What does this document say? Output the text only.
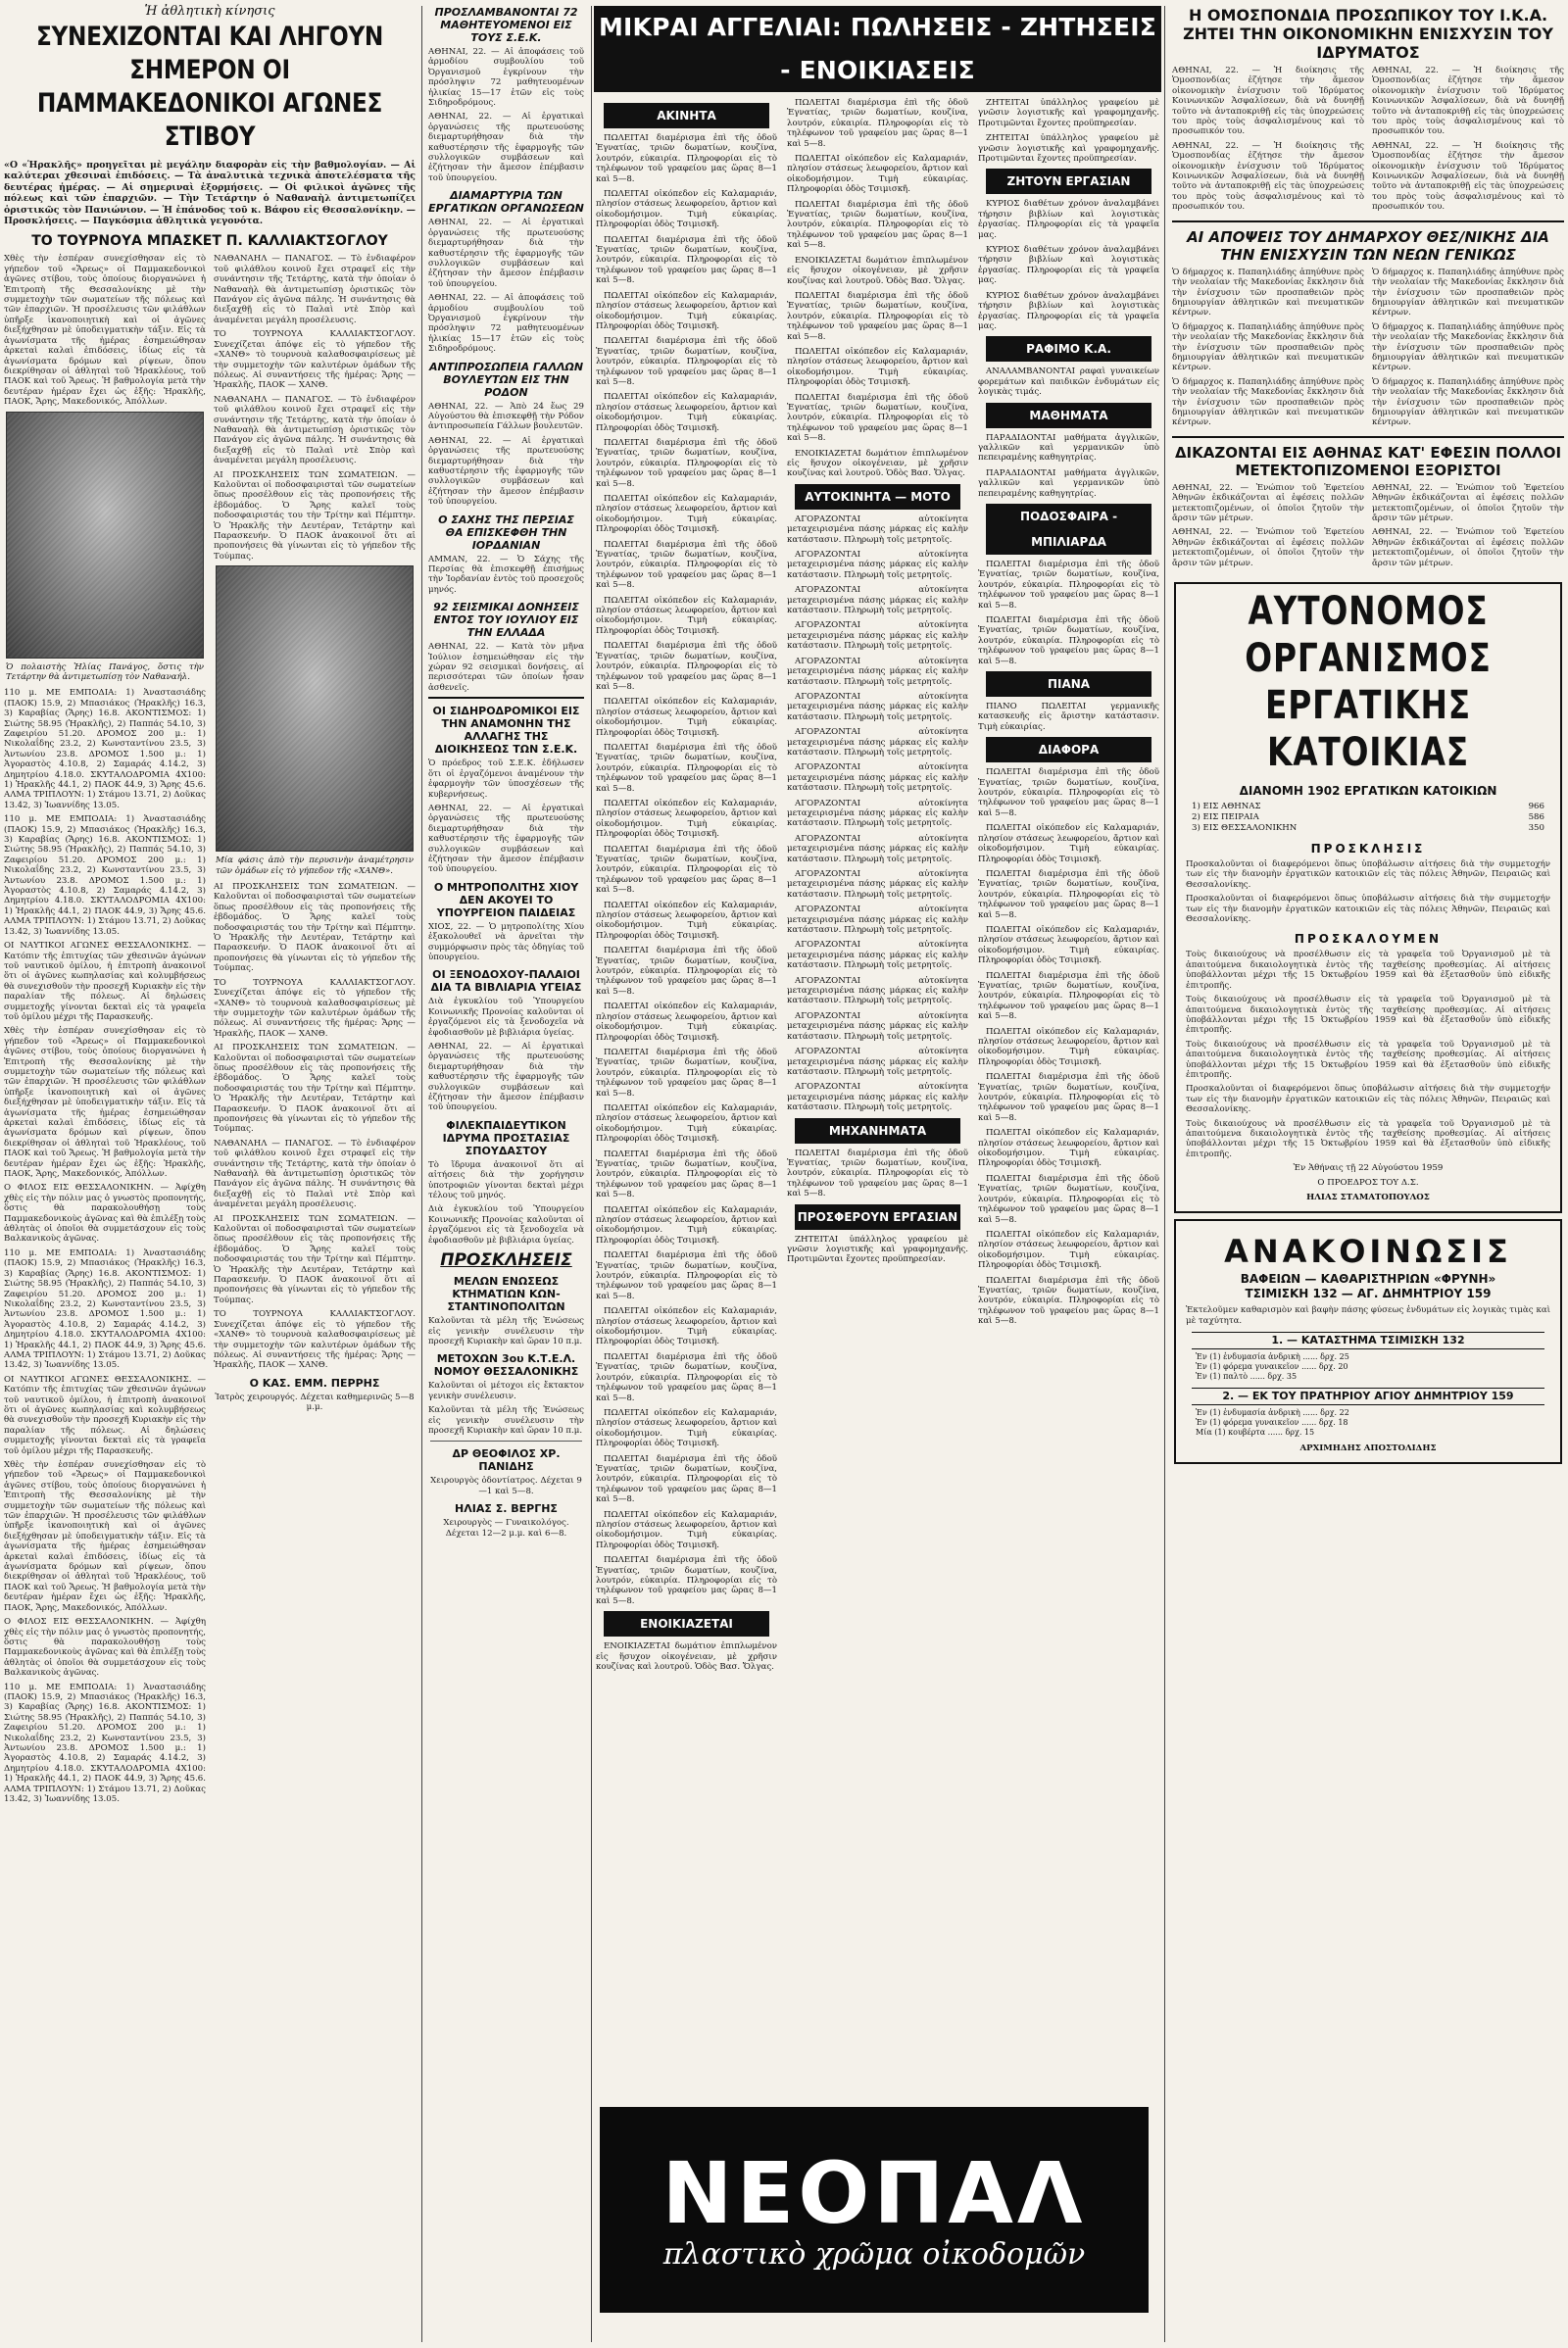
Ἡ ἀθλητικὴ κίνησις
ΣΥΝΕΧΙΖΟΝΤΑΙ ΚΑΙ ΛΗΓΟΥΝ ΣΗΜΕΡΟΝ ΟΙ ΠΑΜΜΑΚΕΔΟΝΙΚΟΙ ΑΓΩΝΕΣ ΣΤΙΒΟΥ
«Ο «Ἡρακλῆς» προηγεῖται μὲ μεγάλην διαφορὰν εἰς τὴν βαθμολογίαν. — Αἱ καλύτεραι χθεσιναὶ ἐπιδόσεις. — Τὰ ἀναλυτικὰ τεχνικὰ ἀποτελέσματα τῆς δευτέρας ἡμέρας. — Αἱ σημεριναὶ ἐξορμήσεις. — Οἱ φιλικοὶ ἀγῶνες τῆς πόλεως καὶ τῶν ἐπαρχιῶν. — Τὴν Τετάρτην ὁ Ναθαναὴλ ἀντιμετωπίζει ὁριστικῶς τὸν Πανιώνιον. — Ἡ ἐπάνοδος τοῦ κ. Βάφου εἰς Θεσσαλονίκην. — Προσκλήσεις. — Παγκόσμια ἀθλητικὰ γεγονότα.
ΤΟ ΤΟΥΡΝΟΥΑ ΜΠΑΣΚΕΤ Π. ΚΑΛΛΙΑΚΤΣΟΓΛΟΥ
Χθὲς τὴν ἑσπέραν συνεχίσθησαν εἰς τὸ γήπεδον τοῦ «Ἄρεως» οἱ Παμμακεδονικοὶ ἀγῶνες στίβου, τοὺς ὁποίους διοργανώνει ἡ Ἐπιτροπὴ τῆς Θεσσαλονίκης μὲ τὴν συμμετοχὴν τῶν σωματείων τῆς πόλεως καὶ τῶν ἐπαρχιῶν. Ἡ προσέλευσις τῶν φιλάθλων ὑπῆρξε ἱκανοποιητικὴ καὶ οἱ ἀγῶνες διεξήχθησαν μὲ ὑποδειγματικὴν τάξιν. Εἰς τὰ ἀγωνίσματα τῆς ἡμέρας ἐσημειώθησαν ἀρκεταὶ καλαὶ ἐπιδόσεις, ἰδίως εἰς τὰ ἀγωνίσματα δρόμων καὶ ρίψεων, ὅπου διεκρίθησαν οἱ ἀθληταὶ τοῦ Ἡρακλέους, τοῦ ΠΑΟΚ καὶ τοῦ Ἄρεως. Ἡ βαθμολογία μετὰ τὴν δευτέραν ἡμέραν ἔχει ὡς ἑξῆς: Ἡρακλῆς, ΠΑΟΚ, Ἄρης, Μακεδονικός, Ἀπόλλων.
Ὁ πολαιστὴς Ἠλίας Πανάγος, ὅστις τὴν Τετάρτην θὰ ἀντιμετωπίσῃ τὸν Ναθαναήλ.
110 μ. ΜΕ ΕΜΠΟΔΙΑ: 1) Ἀναστασιάδης (ΠΑΟΚ) 15.9, 2) Μπασιάκος (Ἡρακλῆς) 16.3, 3) Καραβίας (Ἄρης) 16.8. ΑΚΟΝΤΙΣΜΟΣ: 1) Σιώτης 58.95 (Ἡρακλῆς), 2) Παππάς 54.10, 3) Ζαφειρίου 51.20. ΔΡΟΜΟΣ 200 μ.: 1) Νικολαΐδης 23.2, 2) Κωνσταντίνου 23.5, 3) Ἀντωνίου 23.8. ΔΡΟΜΟΣ 1.500 μ.: 1) Ἀγοραστὸς 4.10.8, 2) Σαμαράς 4.14.2, 3) Δημητρίου 4.18.0. ΣΚΥΤΑΛΟΔΡΟΜΙΑ 4Χ100: 1) Ἡρακλῆς 44.1, 2) ΠΑΟΚ 44.9, 3) Ἄρης 45.6. ΑΛΜΑ ΤΡΙΠΛΟΥΝ: 1) Στάμου 13.71, 2) Δοῦκας 13.42, 3) Ἰωαννίδης 13.05.
110 μ. ΜΕ ΕΜΠΟΔΙΑ: 1) Ἀναστασιάδης (ΠΑΟΚ) 15.9, 2) Μπασιάκος (Ἡρακλῆς) 16.3, 3) Καραβίας (Ἄρης) 16.8. ΑΚΟΝΤΙΣΜΟΣ: 1) Σιώτης 58.95 (Ἡρακλῆς), 2) Παππάς 54.10, 3) Ζαφειρίου 51.20. ΔΡΟΜΟΣ 200 μ.: 1) Νικολαΐδης 23.2, 2) Κωνσταντίνου 23.5, 3) Ἀντωνίου 23.8. ΔΡΟΜΟΣ 1.500 μ.: 1) Ἀγοραστὸς 4.10.8, 2) Σαμαράς 4.14.2, 3) Δημητρίου 4.18.0. ΣΚΥΤΑΛΟΔΡΟΜΙΑ 4Χ100: 1) Ἡρακλῆς 44.1, 2) ΠΑΟΚ 44.9, 3) Ἄρης 45.6. ΑΛΜΑ ΤΡΙΠΛΟΥΝ: 1) Στάμου 13.71, 2) Δοῦκας 13.42, 3) Ἰωαννίδης 13.05.
ΟΙ ΝΑΥΤΙΚΟΙ ΑΓΩΝΕΣ ΘΕΣΣΑΛΟΝΙΚΗΣ. — Κατόπιν τῆς ἐπιτυχίας τῶν χθεσινῶν ἀγώνων τοῦ ναυτικοῦ ὁμίλου, ἡ ἐπιτροπὴ ἀνακοινοῖ ὅτι οἱ ἀγῶνες κωπηλασίας καὶ κολυμβήσεως θὰ συνεχισθοῦν τὴν προσεχῆ Κυριακὴν εἰς τὴν παραλίαν τῆς πόλεως. Αἱ δηλώσεις συμμετοχῆς γίνονται δεκταὶ εἰς τὰ γραφεῖα τοῦ ὁμίλου μέχρι τῆς Παρασκευῆς.
Χθὲς τὴν ἑσπέραν συνεχίσθησαν εἰς τὸ γήπεδον τοῦ «Ἄρεως» οἱ Παμμακεδονικοὶ ἀγῶνες στίβου, τοὺς ὁποίους διοργανώνει ἡ Ἐπιτροπὴ τῆς Θεσσαλονίκης μὲ τὴν συμμετοχὴν τῶν σωματείων τῆς πόλεως καὶ τῶν ἐπαρχιῶν. Ἡ προσέλευσις τῶν φιλάθλων ὑπῆρξε ἱκανοποιητικὴ καὶ οἱ ἀγῶνες διεξήχθησαν μὲ ὑποδειγματικὴν τάξιν. Εἰς τὰ ἀγωνίσματα τῆς ἡμέρας ἐσημειώθησαν ἀρκεταὶ καλαὶ ἐπιδόσεις, ἰδίως εἰς τὰ ἀγωνίσματα δρόμων καὶ ρίψεων, ὅπου διεκρίθησαν οἱ ἀθληταὶ τοῦ Ἡρακλέους, τοῦ ΠΑΟΚ καὶ τοῦ Ἄρεως. Ἡ βαθμολογία μετὰ τὴν δευτέραν ἡμέραν ἔχει ὡς ἑξῆς: Ἡρακλῆς, ΠΑΟΚ, Ἄρης, Μακεδονικός, Ἀπόλλων.
Ο ΦΙΛΟΣ ΕΙΣ ΘΕΣΣΑΛΟΝΙΚΗΝ. — Ἀφίχθη χθὲς εἰς τὴν πόλιν μας ὁ γνωστὸς προπονητής, ὅστις θὰ παρακολουθήσῃ τοὺς Παμμακεδονικοὺς ἀγῶνας καὶ θὰ ἐπιλέξῃ τοὺς ἀθλητὰς οἱ ὁποῖοι θὰ συμμετάσχουν εἰς τοὺς Βαλκανικοὺς ἀγῶνας.
110 μ. ΜΕ ΕΜΠΟΔΙΑ: 1) Ἀναστασιάδης (ΠΑΟΚ) 15.9, 2) Μπασιάκος (Ἡρακλῆς) 16.3, 3) Καραβίας (Ἄρης) 16.8. ΑΚΟΝΤΙΣΜΟΣ: 1) Σιώτης 58.95 (Ἡρακλῆς), 2) Παππάς 54.10, 3) Ζαφειρίου 51.20. ΔΡΟΜΟΣ 200 μ.: 1) Νικολαΐδης 23.2, 2) Κωνσταντίνου 23.5, 3) Ἀντωνίου 23.8. ΔΡΟΜΟΣ 1.500 μ.: 1) Ἀγοραστὸς 4.10.8, 2) Σαμαράς 4.14.2, 3) Δημητρίου 4.18.0. ΣΚΥΤΑΛΟΔΡΟΜΙΑ 4Χ100: 1) Ἡρακλῆς 44.1, 2) ΠΑΟΚ 44.9, 3) Ἄρης 45.6. ΑΛΜΑ ΤΡΙΠΛΟΥΝ: 1) Στάμου 13.71, 2) Δοῦκας 13.42, 3) Ἰωαννίδης 13.05.
ΟΙ ΝΑΥΤΙΚΟΙ ΑΓΩΝΕΣ ΘΕΣΣΑΛΟΝΙΚΗΣ. — Κατόπιν τῆς ἐπιτυχίας τῶν χθεσινῶν ἀγώνων τοῦ ναυτικοῦ ὁμίλου, ἡ ἐπιτροπὴ ἀνακοινοῖ ὅτι οἱ ἀγῶνες κωπηλασίας καὶ κολυμβήσεως θὰ συνεχισθοῦν τὴν προσεχῆ Κυριακὴν εἰς τὴν παραλίαν τῆς πόλεως. Αἱ δηλώσεις συμμετοχῆς γίνονται δεκταὶ εἰς τὰ γραφεῖα τοῦ ὁμίλου μέχρι τῆς Παρασκευῆς.
Χθὲς τὴν ἑσπέραν συνεχίσθησαν εἰς τὸ γήπεδον τοῦ «Ἄρεως» οἱ Παμμακεδονικοὶ ἀγῶνες στίβου, τοὺς ὁποίους διοργανώνει ἡ Ἐπιτροπὴ τῆς Θεσσαλονίκης μὲ τὴν συμμετοχὴν τῶν σωματείων τῆς πόλεως καὶ τῶν ἐπαρχιῶν. Ἡ προσέλευσις τῶν φιλάθλων ὑπῆρξε ἱκανοποιητικὴ καὶ οἱ ἀγῶνες διεξήχθησαν μὲ ὑποδειγματικὴν τάξιν. Εἰς τὰ ἀγωνίσματα τῆς ἡμέρας ἐσημειώθησαν ἀρκεταὶ καλαὶ ἐπιδόσεις, ἰδίως εἰς τὰ ἀγωνίσματα δρόμων καὶ ρίψεων, ὅπου διεκρίθησαν οἱ ἀθληταὶ τοῦ Ἡρακλέους, τοῦ ΠΑΟΚ καὶ τοῦ Ἄρεως. Ἡ βαθμολογία μετὰ τὴν δευτέραν ἡμέραν ἔχει ὡς ἑξῆς: Ἡρακλῆς, ΠΑΟΚ, Ἄρης, Μακεδονικός, Ἀπόλλων.
Ο ΦΙΛΟΣ ΕΙΣ ΘΕΣΣΑΛΟΝΙΚΗΝ. — Ἀφίχθη χθὲς εἰς τὴν πόλιν μας ὁ γνωστὸς προπονητής, ὅστις θὰ παρακολουθήσῃ τοὺς Παμμακεδονικοὺς ἀγῶνας καὶ θὰ ἐπιλέξῃ τοὺς ἀθλητὰς οἱ ὁποῖοι θὰ συμμετάσχουν εἰς τοὺς Βαλκανικοὺς ἀγῶνας.
110 μ. ΜΕ ΕΜΠΟΔΙΑ: 1) Ἀναστασιάδης (ΠΑΟΚ) 15.9, 2) Μπασιάκος (Ἡρακλῆς) 16.3, 3) Καραβίας (Ἄρης) 16.8. ΑΚΟΝΤΙΣΜΟΣ: 1) Σιώτης 58.95 (Ἡρακλῆς), 2) Παππάς 54.10, 3) Ζαφειρίου 51.20. ΔΡΟΜΟΣ 200 μ.: 1) Νικολαΐδης 23.2, 2) Κωνσταντίνου 23.5, 3) Ἀντωνίου 23.8. ΔΡΟΜΟΣ 1.500 μ.: 1) Ἀγοραστὸς 4.10.8, 2) Σαμαράς 4.14.2, 3) Δημητρίου 4.18.0. ΣΚΥΤΑΛΟΔΡΟΜΙΑ 4Χ100: 1) Ἡρακλῆς 44.1, 2) ΠΑΟΚ 44.9, 3) Ἄρης 45.6. ΑΛΜΑ ΤΡΙΠΛΟΥΝ: 1) Στάμου 13.71, 2) Δοῦκας 13.42, 3) Ἰωαννίδης 13.05.
ΝΑΘΑΝΑΗΛ — ΠΑΝΑΓΟΣ. — Τὸ ἐνδιαφέρον τοῦ φιλάθλου κοινοῦ ἔχει στραφεῖ εἰς τὴν συνάντησιν τῆς Τετάρτης, κατὰ τὴν ὁποίαν ὁ Ναθαναὴλ θὰ ἀντιμετωπίσῃ ὁριστικῶς τὸν Πανάγον εἰς ἀγῶνα πάλης. Ἡ συνάντησις θὰ διεξαχθῇ εἰς τὸ Παλαὶ ντὲ Σπὸρ καὶ ἀναμένεται μεγάλη προσέλευσις.
ΤΟ ΤΟΥΡΝΟΥΑ ΚΑΛΛΙΑΚΤΣΟΓΛΟΥ. Συνεχίζεται ἀπόψε εἰς τὸ γήπεδον τῆς «ΧΑΝΘ» τὸ τουρνουὰ καλαθοσφαιρίσεως μὲ τὴν συμμετοχὴν τῶν καλυτέρων ὁμάδων τῆς πόλεως. Αἱ συναντήσεις τῆς ἡμέρας: Ἄρης — Ἡρακλῆς, ΠΑΟΚ — ΧΑΝΘ.
ΝΑΘΑΝΑΗΛ — ΠΑΝΑΓΟΣ. — Τὸ ἐνδιαφέρον τοῦ φιλάθλου κοινοῦ ἔχει στραφεῖ εἰς τὴν συνάντησιν τῆς Τετάρτης, κατὰ τὴν ὁποίαν ὁ Ναθαναὴλ θὰ ἀντιμετωπίσῃ ὁριστικῶς τὸν Πανάγον εἰς ἀγῶνα πάλης. Ἡ συνάντησις θὰ διεξαχθῇ εἰς τὸ Παλαὶ ντὲ Σπὸρ καὶ ἀναμένεται μεγάλη προσέλευσις.
ΑΙ ΠΡΟΣΚΛΗΣΕΙΣ ΤΩΝ ΣΩΜΑΤΕΙΩΝ. — Καλοῦνται οἱ ποδοσφαιρισταὶ τῶν σωματείων ὅπως προσέλθουν εἰς τὰς προπονήσεις τῆς ἑβδομάδος. Ὁ Ἄρης καλεῖ τοὺς ποδοσφαιριστάς του τὴν Τρίτην καὶ Πέμπτην. Ὁ Ἡρακλῆς τὴν Δευτέραν, Τετάρτην καὶ Παρασκευήν. Ὁ ΠΑΟΚ ἀνακοινοῖ ὅτι αἱ προπονήσεις θὰ γίνωνται εἰς τὸ γήπεδον τῆς Τούμπας.
Μία φάσις ἀπὸ τὴν περυσινὴν ἀναμέτρησιν τῶν ὁμάδων εἰς τὸ γήπεδον τῆς «ΧΑΝΘ».
ΑΙ ΠΡΟΣΚΛΗΣΕΙΣ ΤΩΝ ΣΩΜΑΤΕΙΩΝ. — Καλοῦνται οἱ ποδοσφαιρισταὶ τῶν σωματείων ὅπως προσέλθουν εἰς τὰς προπονήσεις τῆς ἑβδομάδος. Ὁ Ἄρης καλεῖ τοὺς ποδοσφαιριστάς του τὴν Τρίτην καὶ Πέμπτην. Ὁ Ἡρακλῆς τὴν Δευτέραν, Τετάρτην καὶ Παρασκευήν. Ὁ ΠΑΟΚ ἀνακοινοῖ ὅτι αἱ προπονήσεις θὰ γίνωνται εἰς τὸ γήπεδον τῆς Τούμπας.
ΤΟ ΤΟΥΡΝΟΥΑ ΚΑΛΛΙΑΚΤΣΟΓΛΟΥ. Συνεχίζεται ἀπόψε εἰς τὸ γήπεδον τῆς «ΧΑΝΘ» τὸ τουρνουὰ καλαθοσφαιρίσεως μὲ τὴν συμμετοχὴν τῶν καλυτέρων ὁμάδων τῆς πόλεως. Αἱ συναντήσεις τῆς ἡμέρας: Ἄρης — Ἡρακλῆς, ΠΑΟΚ — ΧΑΝΘ.
ΑΙ ΠΡΟΣΚΛΗΣΕΙΣ ΤΩΝ ΣΩΜΑΤΕΙΩΝ. — Καλοῦνται οἱ ποδοσφαιρισταὶ τῶν σωματείων ὅπως προσέλθουν εἰς τὰς προπονήσεις τῆς ἑβδομάδος. Ὁ Ἄρης καλεῖ τοὺς ποδοσφαιριστάς του τὴν Τρίτην καὶ Πέμπτην. Ὁ Ἡρακλῆς τὴν Δευτέραν, Τετάρτην καὶ Παρασκευήν. Ὁ ΠΑΟΚ ἀνακοινοῖ ὅτι αἱ προπονήσεις θὰ γίνωνται εἰς τὸ γήπεδον τῆς Τούμπας.
ΝΑΘΑΝΑΗΛ — ΠΑΝΑΓΟΣ. — Τὸ ἐνδιαφέρον τοῦ φιλάθλου κοινοῦ ἔχει στραφεῖ εἰς τὴν συνάντησιν τῆς Τετάρτης, κατὰ τὴν ὁποίαν ὁ Ναθαναὴλ θὰ ἀντιμετωπίσῃ ὁριστικῶς τὸν Πανάγον εἰς ἀγῶνα πάλης. Ἡ συνάντησις θὰ διεξαχθῇ εἰς τὸ Παλαὶ ντὲ Σπὸρ καὶ ἀναμένεται μεγάλη προσέλευσις.
ΑΙ ΠΡΟΣΚΛΗΣΕΙΣ ΤΩΝ ΣΩΜΑΤΕΙΩΝ. — Καλοῦνται οἱ ποδοσφαιρισταὶ τῶν σωματείων ὅπως προσέλθουν εἰς τὰς προπονήσεις τῆς ἑβδομάδος. Ὁ Ἄρης καλεῖ τοὺς ποδοσφαιριστάς του τὴν Τρίτην καὶ Πέμπτην. Ὁ Ἡρακλῆς τὴν Δευτέραν, Τετάρτην καὶ Παρασκευήν. Ὁ ΠΑΟΚ ἀνακοινοῖ ὅτι αἱ προπονήσεις θὰ γίνωνται εἰς τὸ γήπεδον τῆς Τούμπας.
ΤΟ ΤΟΥΡΝΟΥΑ ΚΑΛΛΙΑΚΤΣΟΓΛΟΥ. Συνεχίζεται ἀπόψε εἰς τὸ γήπεδον τῆς «ΧΑΝΘ» τὸ τουρνουὰ καλαθοσφαιρίσεως μὲ τὴν συμμετοχὴν τῶν καλυτέρων ὁμάδων τῆς πόλεως. Αἱ συναντήσεις τῆς ἡμέρας: Ἄρης — Ἡρακλῆς, ΠΑΟΚ — ΧΑΝΘ.
Ο ΚΑΣ. ΕΜΜ. ΠΕΡΡΗΣ
Ἰατρὸς χειρουργός. Δέχεται καθημερινῶς 5—8 μ.μ.
ΠΡΟΣΛΑΜΒΑΝΟΝΤΑΙ 72 ΜΑΘΗΤΕΥΟΜΕΝΟΙ ΕΙΣ ΤΟΥΣ Σ.Ε.Κ.
ΑΘΗΝΑΙ, 22. — Αἱ ἀποφάσεις τοῦ ἁρμοδίου συμβουλίου τοῦ Ὀργανισμοῦ ἐγκρίνουν τὴν πρόσληψιν 72 μαθητευομένων ἡλικίας 15—17 ἐτῶν εἰς τοὺς Σιδηροδρόμους.
ΑΘΗΝΑΙ, 22. — Αἱ ἐργατικαὶ ὀργανώσεις τῆς πρωτευούσης διεμαρτυρήθησαν διὰ τὴν καθυστέρησιν τῆς ἐφαρμογῆς τῶν συλλογικῶν συμβάσεων καὶ ἐζήτησαν τὴν ἄμεσον ἐπέμβασιν τοῦ ὑπουργείου.
ΔΙΑΜΑΡΤΥΡΙΑ ΤΩΝ ΕΡΓΑΤΙΚΩΝ ΟΡΓΑΝΩΣΕΩΝ
ΑΘΗΝΑΙ, 22. — Αἱ ἐργατικαὶ ὀργανώσεις τῆς πρωτευούσης διεμαρτυρήθησαν διὰ τὴν καθυστέρησιν τῆς ἐφαρμογῆς τῶν συλλογικῶν συμβάσεων καὶ ἐζήτησαν τὴν ἄμεσον ἐπέμβασιν τοῦ ὑπουργείου.
ΑΘΗΝΑΙ, 22. — Αἱ ἀποφάσεις τοῦ ἁρμοδίου συμβουλίου τοῦ Ὀργανισμοῦ ἐγκρίνουν τὴν πρόσληψιν 72 μαθητευομένων ἡλικίας 15—17 ἐτῶν εἰς τοὺς Σιδηροδρόμους.
ΑΝΤΙΠΡΟΣΩΠΕΙΑ ΓΑΛΛΩΝ ΒΟΥΛΕΥΤΩΝ ΕΙΣ ΤΗΝ ΡΟΔΟΝ
ΑΘΗΝΑΙ, 22. — Ἀπὸ 24 ἕως 29 Αὐγούστου θὰ ἐπισκεφθῇ τὴν Ρόδον ἀντιπροσωπεία Γάλλων βουλευτῶν.
ΑΘΗΝΑΙ, 22. — Αἱ ἐργατικαὶ ὀργανώσεις τῆς πρωτευούσης διεμαρτυρήθησαν διὰ τὴν καθυστέρησιν τῆς ἐφαρμογῆς τῶν συλλογικῶν συμβάσεων καὶ ἐζήτησαν τὴν ἄμεσον ἐπέμβασιν τοῦ ὑπουργείου.
Ο ΣΑΧΗΣ ΤΗΣ ΠΕΡΣΙΑΣ ΘΑ ΕΠΙΣΚΕΦΘΗ ΤΗΝ ΙΟΡΔΑΝΙΑΝ
ΑΜΜΑΝ, 22. — Ὁ Σάχης τῆς Περσίας θὰ ἐπισκεφθῇ ἐπισήμως τὴν Ἰορδανίαν ἐντὸς τοῦ προσεχοῦς μηνός.
92 ΣΕΙΣΜΙΚΑΙ ΔΟΝΗΣΕΙΣ ΕΝΤΟΣ ΤΟΥ ΙΟΥΛΙΟΥ ΕΙΣ ΤΗΝ ΕΛΛΑΔΑ
ΑΘΗΝΑΙ, 22. — Κατὰ τὸν μῆνα Ἰούλιον ἐσημειώθησαν εἰς τὴν χώραν 92 σεισμικαὶ δονήσεις, αἱ περισσότεραι τῶν ὁποίων ἦσαν ἀσθενεῖς.
ΟΙ ΣΙΔΗΡΟΔΡΟΜΙΚΟΙ ΕΙΣ ΤΗΝ ΑΝΑΜΟΝΗΝ ΤΗΣ ΑΛΛΑΓΗΣ ΤΗΣ ΔΙΟΙΚΗΣΕΩΣ ΤΩΝ Σ.Ε.Κ.
Ὁ πρόεδρος τοῦ Σ.Ε.Κ. ἐδήλωσεν ὅτι οἱ ἐργαζόμενοι ἀναμένουν τὴν ἐφαρμογὴν τῶν ὑποσχέσεων τῆς κυβερνήσεως.
ΑΘΗΝΑΙ, 22. — Αἱ ἐργατικαὶ ὀργανώσεις τῆς πρωτευούσης διεμαρτυρήθησαν διὰ τὴν καθυστέρησιν τῆς ἐφαρμογῆς τῶν συλλογικῶν συμβάσεων καὶ ἐζήτησαν τὴν ἄμεσον ἐπέμβασιν τοῦ ὑπουργείου.
Ο ΜΗΤΡΟΠΟΛΙΤΗΣ ΧΙΟΥ ΔΕΝ ΑΚΟΥΕΙ ΤΟ ΥΠΟΥΡΓΕΙΟΝ ΠΑΙΔΕΙΑΣ
ΧΙΟΣ, 22. — Ὁ μητροπολίτης Χίου ἐξακολουθεῖ νὰ ἀρνεῖται τὴν συμμόρφωσιν πρὸς τὰς ὁδηγίας τοῦ ὑπουργείου.
ΟΙ ΞΕΝΟΔΟΧΟΥ-ΠΑΛΑΙΟΙ ΔΙΑ ΤΑ ΒΙΒΛΙΑΡΙΑ ΥΓΕΙΑΣ
Διὰ ἐγκυκλίου τοῦ Ὑπουργείου Κοινωνικῆς Προνοίας καλοῦνται οἱ ἐργαζόμενοι εἰς τὰ ξενοδοχεῖα νὰ ἐφοδιασθοῦν μὲ βιβλιάρια ὑγείας.
ΑΘΗΝΑΙ, 22. — Αἱ ἐργατικαὶ ὀργανώσεις τῆς πρωτευούσης διεμαρτυρήθησαν διὰ τὴν καθυστέρησιν τῆς ἐφαρμογῆς τῶν συλλογικῶν συμβάσεων καὶ ἐζήτησαν τὴν ἄμεσον ἐπέμβασιν τοῦ ὑπουργείου.
ΦΙΛΕΚΠΑΙΔΕΥΤΙΚΟΝ ΙΔΡΥΜΑ ΠΡΟΣΤΑΣΙΑΣ ΣΠΟΥΔΑΣΤΟΥ
Τὸ ἵδρυμα ἀνακοινοῖ ὅτι αἱ αἰτήσεις διὰ τὴν χορήγησιν ὑποτροφιῶν γίνονται δεκταὶ μέχρι τέλους τοῦ μηνός.
Διὰ ἐγκυκλίου τοῦ Ὑπουργείου Κοινωνικῆς Προνοίας καλοῦνται οἱ ἐργαζόμενοι εἰς τὰ ξενοδοχεῖα νὰ ἐφοδιασθοῦν μὲ βιβλιάρια ὑγείας.
ΠΡΟΣΚΛΗΣΕΙΣ
ΜΕΛΩΝ ΕΝΩΣΕΩΣ ΚΤΗΜΑΤΙΩΝ ΚΩΝ-ΣΤΑΝΤΙΝΟΠΟΛΙΤΩΝ
Καλοῦνται τὰ μέλη τῆς Ἑνώσεως εἰς γενικὴν συνέλευσιν τὴν προσεχῆ Κυριακὴν καὶ ὥραν 10 π.μ.
ΜΕΤΟΧΩΝ 3ου Κ.Τ.Ε.Λ. ΝΟΜΟΥ ΘΕΣΣΑΛΟΝΙΚΗΣ
Καλοῦνται οἱ μέτοχοι εἰς ἔκτακτον γενικὴν συνέλευσιν.
Καλοῦνται τὰ μέλη τῆς Ἑνώσεως εἰς γενικὴν συνέλευσιν τὴν προσεχῆ Κυριακὴν καὶ ὥραν 10 π.μ.
ΔΡ ΘΕΟΦΙΛΟΣ ΧΡ. ΠΑΝΙΔΗΣ
Χειρουργὸς ὀδοντίατρος. Δέχεται 9—1 καὶ 5—8.
ΗΛΙΑΣ Σ. ΒΕΡΓΗΣ
Χειρουργὸς — Γυναικολόγος. Δέχεται 12—2 μ.μ. καὶ 6—8.
ΜΙΚΡΑΙ ΑΓΓΕΛΙΑΙ: ΠΩΛΗΣΕΙΣ - ΖΗΤΗΣΕΙΣ - ΕΝΟΙΚΙΑΣΕΙΣ
ΑΚΙΝΗΤΑ
ΠΩΛΕΙΤΑΙ διαμέρισμα ἐπὶ τῆς ὁδοῦ Ἐγνατίας, τριῶν δωματίων, κουζίνα, λουτρόν, εὐκαιρία. Πληροφορίαι εἰς τὸ τηλέφωνον τοῦ γραφείου μας ὥρας 8—1 καὶ 5—8.
ΠΩΛΕΙΤΑΙ οἰκόπεδον εἰς Καλαμαριάν, πλησίον στάσεως λεωφορείου, ἄρτιον καὶ οἰκοδομήσιμον. Τιμὴ εὐκαιρίας. Πληροφορίαι ὁδὸς Τσιμισκῆ.
ΠΩΛΕΙΤΑΙ διαμέρισμα ἐπὶ τῆς ὁδοῦ Ἐγνατίας, τριῶν δωματίων, κουζίνα, λουτρόν, εὐκαιρία. Πληροφορίαι εἰς τὸ τηλέφωνον τοῦ γραφείου μας ὥρας 8—1 καὶ 5—8.
ΠΩΛΕΙΤΑΙ οἰκόπεδον εἰς Καλαμαριάν, πλησίον στάσεως λεωφορείου, ἄρτιον καὶ οἰκοδομήσιμον. Τιμὴ εὐκαιρίας. Πληροφορίαι ὁδὸς Τσιμισκῆ.
ΠΩΛΕΙΤΑΙ διαμέρισμα ἐπὶ τῆς ὁδοῦ Ἐγνατίας, τριῶν δωματίων, κουζίνα, λουτρόν, εὐκαιρία. Πληροφορίαι εἰς τὸ τηλέφωνον τοῦ γραφείου μας ὥρας 8—1 καὶ 5—8.
ΠΩΛΕΙΤΑΙ οἰκόπεδον εἰς Καλαμαριάν, πλησίον στάσεως λεωφορείου, ἄρτιον καὶ οἰκοδομήσιμον. Τιμὴ εὐκαιρίας. Πληροφορίαι ὁδὸς Τσιμισκῆ.
ΠΩΛΕΙΤΑΙ διαμέρισμα ἐπὶ τῆς ὁδοῦ Ἐγνατίας, τριῶν δωματίων, κουζίνα, λουτρόν, εὐκαιρία. Πληροφορίαι εἰς τὸ τηλέφωνον τοῦ γραφείου μας ὥρας 8—1 καὶ 5—8.
ΠΩΛΕΙΤΑΙ οἰκόπεδον εἰς Καλαμαριάν, πλησίον στάσεως λεωφορείου, ἄρτιον καὶ οἰκοδομήσιμον. Τιμὴ εὐκαιρίας. Πληροφορίαι ὁδὸς Τσιμισκῆ.
ΠΩΛΕΙΤΑΙ διαμέρισμα ἐπὶ τῆς ὁδοῦ Ἐγνατίας, τριῶν δωματίων, κουζίνα, λουτρόν, εὐκαιρία. Πληροφορίαι εἰς τὸ τηλέφωνον τοῦ γραφείου μας ὥρας 8—1 καὶ 5—8.
ΠΩΛΕΙΤΑΙ οἰκόπεδον εἰς Καλαμαριάν, πλησίον στάσεως λεωφορείου, ἄρτιον καὶ οἰκοδομήσιμον. Τιμὴ εὐκαιρίας. Πληροφορίαι ὁδὸς Τσιμισκῆ.
ΠΩΛΕΙΤΑΙ διαμέρισμα ἐπὶ τῆς ὁδοῦ Ἐγνατίας, τριῶν δωματίων, κουζίνα, λουτρόν, εὐκαιρία. Πληροφορίαι εἰς τὸ τηλέφωνον τοῦ γραφείου μας ὥρας 8—1 καὶ 5—8.
ΠΩΛΕΙΤΑΙ οἰκόπεδον εἰς Καλαμαριάν, πλησίον στάσεως λεωφορείου, ἄρτιον καὶ οἰκοδομήσιμον. Τιμὴ εὐκαιρίας. Πληροφορίαι ὁδὸς Τσιμισκῆ.
ΠΩΛΕΙΤΑΙ διαμέρισμα ἐπὶ τῆς ὁδοῦ Ἐγνατίας, τριῶν δωματίων, κουζίνα, λουτρόν, εὐκαιρία. Πληροφορίαι εἰς τὸ τηλέφωνον τοῦ γραφείου μας ὥρας 8—1 καὶ 5—8.
ΠΩΛΕΙΤΑΙ οἰκόπεδον εἰς Καλαμαριάν, πλησίον στάσεως λεωφορείου, ἄρτιον καὶ οἰκοδομήσιμον. Τιμὴ εὐκαιρίας. Πληροφορίαι ὁδὸς Τσιμισκῆ.
ΠΩΛΕΙΤΑΙ διαμέρισμα ἐπὶ τῆς ὁδοῦ Ἐγνατίας, τριῶν δωματίων, κουζίνα, λουτρόν, εὐκαιρία. Πληροφορίαι εἰς τὸ τηλέφωνον τοῦ γραφείου μας ὥρας 8—1 καὶ 5—8.
ΠΩΛΕΙΤΑΙ οἰκόπεδον εἰς Καλαμαριάν, πλησίον στάσεως λεωφορείου, ἄρτιον καὶ οἰκοδομήσιμον. Τιμὴ εὐκαιρίας. Πληροφορίαι ὁδὸς Τσιμισκῆ.
ΠΩΛΕΙΤΑΙ διαμέρισμα ἐπὶ τῆς ὁδοῦ Ἐγνατίας, τριῶν δωματίων, κουζίνα, λουτρόν, εὐκαιρία. Πληροφορίαι εἰς τὸ τηλέφωνον τοῦ γραφείου μας ὥρας 8—1 καὶ 5—8.
ΠΩΛΕΙΤΑΙ οἰκόπεδον εἰς Καλαμαριάν, πλησίον στάσεως λεωφορείου, ἄρτιον καὶ οἰκοδομήσιμον. Τιμὴ εὐκαιρίας. Πληροφορίαι ὁδὸς Τσιμισκῆ.
ΠΩΛΕΙΤΑΙ διαμέρισμα ἐπὶ τῆς ὁδοῦ Ἐγνατίας, τριῶν δωματίων, κουζίνα, λουτρόν, εὐκαιρία. Πληροφορίαι εἰς τὸ τηλέφωνον τοῦ γραφείου μας ὥρας 8—1 καὶ 5—8.
ΠΩΛΕΙΤΑΙ οἰκόπεδον εἰς Καλαμαριάν, πλησίον στάσεως λεωφορείου, ἄρτιον καὶ οἰκοδομήσιμον. Τιμὴ εὐκαιρίας. Πληροφορίαι ὁδὸς Τσιμισκῆ.
ΠΩΛΕΙΤΑΙ διαμέρισμα ἐπὶ τῆς ὁδοῦ Ἐγνατίας, τριῶν δωματίων, κουζίνα, λουτρόν, εὐκαιρία. Πληροφορίαι εἰς τὸ τηλέφωνον τοῦ γραφείου μας ὥρας 8—1 καὶ 5—8.
ΠΩΛΕΙΤΑΙ οἰκόπεδον εἰς Καλαμαριάν, πλησίον στάσεως λεωφορείου, ἄρτιον καὶ οἰκοδομήσιμον. Τιμὴ εὐκαιρίας. Πληροφορίαι ὁδὸς Τσιμισκῆ.
ΠΩΛΕΙΤΑΙ διαμέρισμα ἐπὶ τῆς ὁδοῦ Ἐγνατίας, τριῶν δωματίων, κουζίνα, λουτρόν, εὐκαιρία. Πληροφορίαι εἰς τὸ τηλέφωνον τοῦ γραφείου μας ὥρας 8—1 καὶ 5—8.
ΠΩΛΕΙΤΑΙ οἰκόπεδον εἰς Καλαμαριάν, πλησίον στάσεως λεωφορείου, ἄρτιον καὶ οἰκοδομήσιμον. Τιμὴ εὐκαιρίας. Πληροφορίαι ὁδὸς Τσιμισκῆ.
ΠΩΛΕΙΤΑΙ διαμέρισμα ἐπὶ τῆς ὁδοῦ Ἐγνατίας, τριῶν δωματίων, κουζίνα, λουτρόν, εὐκαιρία. Πληροφορίαι εἰς τὸ τηλέφωνον τοῦ γραφείου μας ὥρας 8—1 καὶ 5—8.
ΠΩΛΕΙΤΑΙ οἰκόπεδον εἰς Καλαμαριάν, πλησίον στάσεως λεωφορείου, ἄρτιον καὶ οἰκοδομήσιμον. Τιμὴ εὐκαιρίας. Πληροφορίαι ὁδὸς Τσιμισκῆ.
ΠΩΛΕΙΤΑΙ διαμέρισμα ἐπὶ τῆς ὁδοῦ Ἐγνατίας, τριῶν δωματίων, κουζίνα, λουτρόν, εὐκαιρία. Πληροφορίαι εἰς τὸ τηλέφωνον τοῦ γραφείου μας ὥρας 8—1 καὶ 5—8.
ΠΩΛΕΙΤΑΙ οἰκόπεδον εἰς Καλαμαριάν, πλησίον στάσεως λεωφορείου, ἄρτιον καὶ οἰκοδομήσιμον. Τιμὴ εὐκαιρίας. Πληροφορίαι ὁδὸς Τσιμισκῆ.
ΠΩΛΕΙΤΑΙ διαμέρισμα ἐπὶ τῆς ὁδοῦ Ἐγνατίας, τριῶν δωματίων, κουζίνα, λουτρόν, εὐκαιρία. Πληροφορίαι εἰς τὸ τηλέφωνον τοῦ γραφείου μας ὥρας 8—1 καὶ 5—8.
ΕΝΟΙΚΙΑΖΕΤΑΙ
ΕΝΟΙΚΙΑΖΕΤΑΙ δωμάτιον ἐπιπλωμένον εἰς ἥσυχον οἰκογένειαν, μὲ χρῆσιν κουζίνας καὶ λουτροῦ. Ὁδὸς Βασ. Ὄλγας.
ΠΩΛΕΙΤΑΙ διαμέρισμα ἐπὶ τῆς ὁδοῦ Ἐγνατίας, τριῶν δωματίων, κουζίνα, λουτρόν, εὐκαιρία. Πληροφορίαι εἰς τὸ τηλέφωνον τοῦ γραφείου μας ὥρας 8—1 καὶ 5—8.
ΠΩΛΕΙΤΑΙ οἰκόπεδον εἰς Καλαμαριάν, πλησίον στάσεως λεωφορείου, ἄρτιον καὶ οἰκοδομήσιμον. Τιμὴ εὐκαιρίας. Πληροφορίαι ὁδὸς Τσιμισκῆ.
ΠΩΛΕΙΤΑΙ διαμέρισμα ἐπὶ τῆς ὁδοῦ Ἐγνατίας, τριῶν δωματίων, κουζίνα, λουτρόν, εὐκαιρία. Πληροφορίαι εἰς τὸ τηλέφωνον τοῦ γραφείου μας ὥρας 8—1 καὶ 5—8.
ΕΝΟΙΚΙΑΖΕΤΑΙ δωμάτιον ἐπιπλωμένον εἰς ἥσυχον οἰκογένειαν, μὲ χρῆσιν κουζίνας καὶ λουτροῦ. Ὁδὸς Βασ. Ὄλγας.
ΠΩΛΕΙΤΑΙ διαμέρισμα ἐπὶ τῆς ὁδοῦ Ἐγνατίας, τριῶν δωματίων, κουζίνα, λουτρόν, εὐκαιρία. Πληροφορίαι εἰς τὸ τηλέφωνον τοῦ γραφείου μας ὥρας 8—1 καὶ 5—8.
ΠΩΛΕΙΤΑΙ οἰκόπεδον εἰς Καλαμαριάν, πλησίον στάσεως λεωφορείου, ἄρτιον καὶ οἰκοδομήσιμον. Τιμὴ εὐκαιρίας. Πληροφορίαι ὁδὸς Τσιμισκῆ.
ΠΩΛΕΙΤΑΙ διαμέρισμα ἐπὶ τῆς ὁδοῦ Ἐγνατίας, τριῶν δωματίων, κουζίνα, λουτρόν, εὐκαιρία. Πληροφορίαι εἰς τὸ τηλέφωνον τοῦ γραφείου μας ὥρας 8—1 καὶ 5—8.
ΕΝΟΙΚΙΑΖΕΤΑΙ δωμάτιον ἐπιπλωμένον εἰς ἥσυχον οἰκογένειαν, μὲ χρῆσιν κουζίνας καὶ λουτροῦ. Ὁδὸς Βασ. Ὄλγας.
ΑΥΤΟΚΙΝΗΤΑ — ΜΟΤΟ
ΑΓΟΡΑΖΟΝΤΑΙ αὐτοκίνητα μεταχειρισμένα πάσης μάρκας εἰς καλὴν κατάστασιν. Πληρωμὴ τοῖς μετρητοῖς.
ΑΓΟΡΑΖΟΝΤΑΙ αὐτοκίνητα μεταχειρισμένα πάσης μάρκας εἰς καλὴν κατάστασιν. Πληρωμὴ τοῖς μετρητοῖς.
ΑΓΟΡΑΖΟΝΤΑΙ αὐτοκίνητα μεταχειρισμένα πάσης μάρκας εἰς καλὴν κατάστασιν. Πληρωμὴ τοῖς μετρητοῖς.
ΑΓΟΡΑΖΟΝΤΑΙ αὐτοκίνητα μεταχειρισμένα πάσης μάρκας εἰς καλὴν κατάστασιν. Πληρωμὴ τοῖς μετρητοῖς.
ΑΓΟΡΑΖΟΝΤΑΙ αὐτοκίνητα μεταχειρισμένα πάσης μάρκας εἰς καλὴν κατάστασιν. Πληρωμὴ τοῖς μετρητοῖς.
ΑΓΟΡΑΖΟΝΤΑΙ αὐτοκίνητα μεταχειρισμένα πάσης μάρκας εἰς καλὴν κατάστασιν. Πληρωμὴ τοῖς μετρητοῖς.
ΑΓΟΡΑΖΟΝΤΑΙ αὐτοκίνητα μεταχειρισμένα πάσης μάρκας εἰς καλὴν κατάστασιν. Πληρωμὴ τοῖς μετρητοῖς.
ΑΓΟΡΑΖΟΝΤΑΙ αὐτοκίνητα μεταχειρισμένα πάσης μάρκας εἰς καλὴν κατάστασιν. Πληρωμὴ τοῖς μετρητοῖς.
ΑΓΟΡΑΖΟΝΤΑΙ αὐτοκίνητα μεταχειρισμένα πάσης μάρκας εἰς καλὴν κατάστασιν. Πληρωμὴ τοῖς μετρητοῖς.
ΑΓΟΡΑΖΟΝΤΑΙ αὐτοκίνητα μεταχειρισμένα πάσης μάρκας εἰς καλὴν κατάστασιν. Πληρωμὴ τοῖς μετρητοῖς.
ΑΓΟΡΑΖΟΝΤΑΙ αὐτοκίνητα μεταχειρισμένα πάσης μάρκας εἰς καλὴν κατάστασιν. Πληρωμὴ τοῖς μετρητοῖς.
ΑΓΟΡΑΖΟΝΤΑΙ αὐτοκίνητα μεταχειρισμένα πάσης μάρκας εἰς καλὴν κατάστασιν. Πληρωμὴ τοῖς μετρητοῖς.
ΑΓΟΡΑΖΟΝΤΑΙ αὐτοκίνητα μεταχειρισμένα πάσης μάρκας εἰς καλὴν κατάστασιν. Πληρωμὴ τοῖς μετρητοῖς.
ΑΓΟΡΑΖΟΝΤΑΙ αὐτοκίνητα μεταχειρισμένα πάσης μάρκας εἰς καλὴν κατάστασιν. Πληρωμὴ τοῖς μετρητοῖς.
ΑΓΟΡΑΖΟΝΤΑΙ αὐτοκίνητα μεταχειρισμένα πάσης μάρκας εἰς καλὴν κατάστασιν. Πληρωμὴ τοῖς μετρητοῖς.
ΑΓΟΡΑΖΟΝΤΑΙ αὐτοκίνητα μεταχειρισμένα πάσης μάρκας εἰς καλὴν κατάστασιν. Πληρωμὴ τοῖς μετρητοῖς.
ΑΓΟΡΑΖΟΝΤΑΙ αὐτοκίνητα μεταχειρισμένα πάσης μάρκας εἰς καλὴν κατάστασιν. Πληρωμὴ τοῖς μετρητοῖς.
ΜΗΧΑΝΗΜΑΤΑ
ΠΩΛΕΙΤΑΙ διαμέρισμα ἐπὶ τῆς ὁδοῦ Ἐγνατίας, τριῶν δωματίων, κουζίνα, λουτρόν, εὐκαιρία. Πληροφορίαι εἰς τὸ τηλέφωνον τοῦ γραφείου μας ὥρας 8—1 καὶ 5—8.
ΠΡΟΣΦΕΡΟΥΝ ΕΡΓΑΣΙΑΝ
ΖΗΤΕΙΤΑΙ ὑπάλληλος γραφείου μὲ γνῶσιν λογιστικῆς καὶ γραφομηχανῆς. Προτιμῶνται ἔχοντες προϋπηρεσίαν.
ΖΗΤΕΙΤΑΙ ὑπάλληλος γραφείου μὲ γνῶσιν λογιστικῆς καὶ γραφομηχανῆς. Προτιμῶνται ἔχοντες προϋπηρεσίαν.
ΖΗΤΕΙΤΑΙ ὑπάλληλος γραφείου μὲ γνῶσιν λογιστικῆς καὶ γραφομηχανῆς. Προτιμῶνται ἔχοντες προϋπηρεσίαν.
ΖΗΤΟΥΝ ΕΡΓΑΣΙΑΝ
ΚΥΡΙΟΣ διαθέτων χρόνον ἀναλαμβάνει τήρησιν βιβλίων καὶ λογιστικὰς ἐργασίας. Πληροφορίαι εἰς τὰ γραφεῖα μας.
ΚΥΡΙΟΣ διαθέτων χρόνον ἀναλαμβάνει τήρησιν βιβλίων καὶ λογιστικὰς ἐργασίας. Πληροφορίαι εἰς τὰ γραφεῖα μας.
ΚΥΡΙΟΣ διαθέτων χρόνον ἀναλαμβάνει τήρησιν βιβλίων καὶ λογιστικὰς ἐργασίας. Πληροφορίαι εἰς τὰ γραφεῖα μας.
ΡΑΦΙΜΟ Κ.Α.
ΑΝΑΛΑΜΒΑΝΟΝΤΑΙ ραφαὶ γυναικείων φορεμάτων καὶ παιδικῶν ἐνδυμάτων εἰς λογικὰς τιμάς.
ΜΑΘΗΜΑΤΑ
ΠΑΡΑΔΙΔΟΝΤΑΙ μαθήματα ἀγγλικῶν, γαλλικῶν καὶ γερμανικῶν ὑπὸ πεπειραμένης καθηγητρίας.
ΠΑΡΑΔΙΔΟΝΤΑΙ μαθήματα ἀγγλικῶν, γαλλικῶν καὶ γερμανικῶν ὑπὸ πεπειραμένης καθηγητρίας.
ΠΟΔΟΣΦΑΙΡΑ - ΜΠΙΛΙΑΡΔΑ
ΠΩΛΕΙΤΑΙ διαμέρισμα ἐπὶ τῆς ὁδοῦ Ἐγνατίας, τριῶν δωματίων, κουζίνα, λουτρόν, εὐκαιρία. Πληροφορίαι εἰς τὸ τηλέφωνον τοῦ γραφείου μας ὥρας 8—1 καὶ 5—8.
ΠΩΛΕΙΤΑΙ διαμέρισμα ἐπὶ τῆς ὁδοῦ Ἐγνατίας, τριῶν δωματίων, κουζίνα, λουτρόν, εὐκαιρία. Πληροφορίαι εἰς τὸ τηλέφωνον τοῦ γραφείου μας ὥρας 8—1 καὶ 5—8.
ΠΙΑΝΑ
ΠΙΑΝΟ ΠΩΛΕΙΤΑΙ γερμανικῆς κατασκευῆς εἰς ἄριστην κατάστασιν. Τιμὴ εὐκαιρίας.
ΔΙΑΦΟΡΑ
ΠΩΛΕΙΤΑΙ διαμέρισμα ἐπὶ τῆς ὁδοῦ Ἐγνατίας, τριῶν δωματίων, κουζίνα, λουτρόν, εὐκαιρία. Πληροφορίαι εἰς τὸ τηλέφωνον τοῦ γραφείου μας ὥρας 8—1 καὶ 5—8.
ΠΩΛΕΙΤΑΙ οἰκόπεδον εἰς Καλαμαριάν, πλησίον στάσεως λεωφορείου, ἄρτιον καὶ οἰκοδομήσιμον. Τιμὴ εὐκαιρίας. Πληροφορίαι ὁδὸς Τσιμισκῆ.
ΠΩΛΕΙΤΑΙ διαμέρισμα ἐπὶ τῆς ὁδοῦ Ἐγνατίας, τριῶν δωματίων, κουζίνα, λουτρόν, εὐκαιρία. Πληροφορίαι εἰς τὸ τηλέφωνον τοῦ γραφείου μας ὥρας 8—1 καὶ 5—8.
ΠΩΛΕΙΤΑΙ οἰκόπεδον εἰς Καλαμαριάν, πλησίον στάσεως λεωφορείου, ἄρτιον καὶ οἰκοδομήσιμον. Τιμὴ εὐκαιρίας. Πληροφορίαι ὁδὸς Τσιμισκῆ.
ΠΩΛΕΙΤΑΙ διαμέρισμα ἐπὶ τῆς ὁδοῦ Ἐγνατίας, τριῶν δωματίων, κουζίνα, λουτρόν, εὐκαιρία. Πληροφορίαι εἰς τὸ τηλέφωνον τοῦ γραφείου μας ὥρας 8—1 καὶ 5—8.
ΠΩΛΕΙΤΑΙ οἰκόπεδον εἰς Καλαμαριάν, πλησίον στάσεως λεωφορείου, ἄρτιον καὶ οἰκοδομήσιμον. Τιμὴ εὐκαιρίας. Πληροφορίαι ὁδὸς Τσιμισκῆ.
ΠΩΛΕΙΤΑΙ διαμέρισμα ἐπὶ τῆς ὁδοῦ Ἐγνατίας, τριῶν δωματίων, κουζίνα, λουτρόν, εὐκαιρία. Πληροφορίαι εἰς τὸ τηλέφωνον τοῦ γραφείου μας ὥρας 8—1 καὶ 5—8.
ΠΩΛΕΙΤΑΙ οἰκόπεδον εἰς Καλαμαριάν, πλησίον στάσεως λεωφορείου, ἄρτιον καὶ οἰκοδομήσιμον. Τιμὴ εὐκαιρίας. Πληροφορίαι ὁδὸς Τσιμισκῆ.
ΠΩΛΕΙΤΑΙ διαμέρισμα ἐπὶ τῆς ὁδοῦ Ἐγνατίας, τριῶν δωματίων, κουζίνα, λουτρόν, εὐκαιρία. Πληροφορίαι εἰς τὸ τηλέφωνον τοῦ γραφείου μας ὥρας 8—1 καὶ 5—8.
ΠΩΛΕΙΤΑΙ οἰκόπεδον εἰς Καλαμαριάν, πλησίον στάσεως λεωφορείου, ἄρτιον καὶ οἰκοδομήσιμον. Τιμὴ εὐκαιρίας. Πληροφορίαι ὁδὸς Τσιμισκῆ.
ΠΩΛΕΙΤΑΙ διαμέρισμα ἐπὶ τῆς ὁδοῦ Ἐγνατίας, τριῶν δωματίων, κουζίνα, λουτρόν, εὐκαιρία. Πληροφορίαι εἰς τὸ τηλέφωνον τοῦ γραφείου μας ὥρας 8—1 καὶ 5—8.
ΝΕΟΠΑΛ
πλαστικὸ χρῶμα οἰκοδομῶν
Η ΟΜΟΣΠΟΝΔΙΑ ΠΡΟΣΩΠΙΚΟΥ ΤΟΥ Ι.Κ.Α. ΖΗΤΕΙ ΤΗΝ ΟΙΚΟΝΟΜΙΚΗΝ ΕΝΙΣΧΥΣΙΝ ΤΟΥ ΙΔΡΥΜΑΤΟΣ
ΑΘΗΝΑΙ, 22. — Ἡ διοίκησις τῆς Ὁμοσπονδίας ἐζήτησε τὴν ἄμεσον οἰκονομικὴν ἐνίσχυσιν τοῦ Ἱδρύματος Κοινωνικῶν Ἀσφαλίσεων, διὰ νὰ δυνηθῇ τοῦτο νὰ ἀνταποκριθῇ εἰς τὰς ὑποχρεώσεις του πρὸς τοὺς ἀσφαλισμένους καὶ τὸ προσωπικόν του.
ΑΘΗΝΑΙ, 22. — Ἡ διοίκησις τῆς Ὁμοσπονδίας ἐζήτησε τὴν ἄμεσον οἰκονομικὴν ἐνίσχυσιν τοῦ Ἱδρύματος Κοινωνικῶν Ἀσφαλίσεων, διὰ νὰ δυνηθῇ τοῦτο νὰ ἀνταποκριθῇ εἰς τὰς ὑποχρεώσεις του πρὸς τοὺς ἀσφαλισμένους καὶ τὸ προσωπικόν του.
ΑΘΗΝΑΙ, 22. — Ἡ διοίκησις τῆς Ὁμοσπονδίας ἐζήτησε τὴν ἄμεσον οἰκονομικὴν ἐνίσχυσιν τοῦ Ἱδρύματος Κοινωνικῶν Ἀσφαλίσεων, διὰ νὰ δυνηθῇ τοῦτο νὰ ἀνταποκριθῇ εἰς τὰς ὑποχρεώσεις του πρὸς τοὺς ἀσφαλισμένους καὶ τὸ προσωπικόν του.
ΑΘΗΝΑΙ, 22. — Ἡ διοίκησις τῆς Ὁμοσπονδίας ἐζήτησε τὴν ἄμεσον οἰκονομικὴν ἐνίσχυσιν τοῦ Ἱδρύματος Κοινωνικῶν Ἀσφαλίσεων, διὰ νὰ δυνηθῇ τοῦτο νὰ ἀνταποκριθῇ εἰς τὰς ὑποχρεώσεις του πρὸς τοὺς ἀσφαλισμένους καὶ τὸ προσωπικόν του.
ΑΙ ΑΠΟΨΕΙΣ ΤΟΥ ΔΗΜΑΡΧΟΥ ΘΕΣ/ΝΙΚΗΣ ΔΙΑ ΤΗΝ ΕΝΙΣΧΥΣΙΝ ΤΩΝ ΝΕΩΝ ΓΕΝΙΚΩΣ
Ὁ δήμαρχος κ. Παπαηλιάδης ἀπηύθυνε πρὸς τὴν νεολαίαν τῆς Μακεδονίας ἔκκλησιν διὰ τὴν ἐνίσχυσιν τῶν προσπαθειῶν πρὸς δημιουργίαν ἀθλητικῶν καὶ πνευματικῶν κέντρων.
Ὁ δήμαρχος κ. Παπαηλιάδης ἀπηύθυνε πρὸς τὴν νεολαίαν τῆς Μακεδονίας ἔκκλησιν διὰ τὴν ἐνίσχυσιν τῶν προσπαθειῶν πρὸς δημιουργίαν ἀθλητικῶν καὶ πνευματικῶν κέντρων.
Ὁ δήμαρχος κ. Παπαηλιάδης ἀπηύθυνε πρὸς τὴν νεολαίαν τῆς Μακεδονίας ἔκκλησιν διὰ τὴν ἐνίσχυσιν τῶν προσπαθειῶν πρὸς δημιουργίαν ἀθλητικῶν καὶ πνευματικῶν κέντρων.
Ὁ δήμαρχος κ. Παπαηλιάδης ἀπηύθυνε πρὸς τὴν νεολαίαν τῆς Μακεδονίας ἔκκλησιν διὰ τὴν ἐνίσχυσιν τῶν προσπαθειῶν πρὸς δημιουργίαν ἀθλητικῶν καὶ πνευματικῶν κέντρων.
Ὁ δήμαρχος κ. Παπαηλιάδης ἀπηύθυνε πρὸς τὴν νεολαίαν τῆς Μακεδονίας ἔκκλησιν διὰ τὴν ἐνίσχυσιν τῶν προσπαθειῶν πρὸς δημιουργίαν ἀθλητικῶν καὶ πνευματικῶν κέντρων.
Ὁ δήμαρχος κ. Παπαηλιάδης ἀπηύθυνε πρὸς τὴν νεολαίαν τῆς Μακεδονίας ἔκκλησιν διὰ τὴν ἐνίσχυσιν τῶν προσπαθειῶν πρὸς δημιουργίαν ἀθλητικῶν καὶ πνευματικῶν κέντρων.
ΔΙΚΑΖΟΝΤΑΙ ΕΙΣ ΑΘΗΝΑΣ ΚΑΤ' ΕΦΕΣΙΝ ΠΟΛΛΟΙ ΜΕΤΕΚΤΟΠΙΖΟΜΕΝΟΙ ΕΞΟΡΙΣΤΟΙ
ΑΘΗΝΑΙ, 22. — Ἐνώπιον τοῦ Ἐφετείου Ἀθηνῶν ἐκδικάζονται αἱ ἐφέσεις πολλῶν μετεκτοπιζομένων, οἱ ὁποῖοι ζητοῦν τὴν ἄρσιν τῶν μέτρων.
ΑΘΗΝΑΙ, 22. — Ἐνώπιον τοῦ Ἐφετείου Ἀθηνῶν ἐκδικάζονται αἱ ἐφέσεις πολλῶν μετεκτοπιζομένων, οἱ ὁποῖοι ζητοῦν τὴν ἄρσιν τῶν μέτρων.
ΑΘΗΝΑΙ, 22. — Ἐνώπιον τοῦ Ἐφετείου Ἀθηνῶν ἐκδικάζονται αἱ ἐφέσεις πολλῶν μετεκτοπιζομένων, οἱ ὁποῖοι ζητοῦν τὴν ἄρσιν τῶν μέτρων.
ΑΘΗΝΑΙ, 22. — Ἐνώπιον τοῦ Ἐφετείου Ἀθηνῶν ἐκδικάζονται αἱ ἐφέσεις πολλῶν μετεκτοπιζομένων, οἱ ὁποῖοι ζητοῦν τὴν ἄρσιν τῶν μέτρων.
ΑΥΤΟΝΟΜΟΣ ΟΡΓΑΝΙΣΜΟΣ ΕΡΓΑΤΙΚΗΣ ΚΑΤΟΙΚΙΑΣ
ΔΙΑΝΟΜΗ 1902 ΕΡΓΑΤΙΚΩΝ ΚΑΤΟΙΚΙΩΝ
1) ΕΙΣ ΑΘΗΝΑΣ	966
2) ΕΙΣ ΠΕΙΡΑΙΑ	586
3) ΕΙΣ ΘΕΣΣΑΛΟΝΙΚΗΝ	350
ΠΡΟΣΚΛΗΣΙΣ
Προσκαλοῦνται οἱ διαφερόμενοι ὅπως ὑποβάλωσιν αἰτήσεις διὰ τὴν συμμετοχήν των εἰς τὴν διανομὴν ἐργατικῶν κατοικιῶν εἰς τὰς πόλεις Ἀθηνῶν, Πειραιῶς καὶ Θεσσαλονίκης.
Προσκαλοῦνται οἱ διαφερόμενοι ὅπως ὑποβάλωσιν αἰτήσεις διὰ τὴν συμμετοχήν των εἰς τὴν διανομὴν ἐργατικῶν κατοικιῶν εἰς τὰς πόλεις Ἀθηνῶν, Πειραιῶς καὶ Θεσσαλονίκης.
ΠΡΟΣΚΑΛΟΥΜΕΝ
Τοὺς δικαιούχους νὰ προσέλθωσιν εἰς τὰ γραφεῖα τοῦ Ὀργανισμοῦ μὲ τὰ ἀπαιτούμενα δικαιολογητικὰ ἐντὸς τῆς ταχθείσης προθεσμίας. Αἱ αἰτήσεις ὑποβάλλονται μέχρι τῆς 15 Ὀκτωβρίου 1959 καὶ θὰ ἐξετασθοῦν ὑπὸ εἰδικῆς ἐπιτροπῆς.
Τοὺς δικαιούχους νὰ προσέλθωσιν εἰς τὰ γραφεῖα τοῦ Ὀργανισμοῦ μὲ τὰ ἀπαιτούμενα δικαιολογητικὰ ἐντὸς τῆς ταχθείσης προθεσμίας. Αἱ αἰτήσεις ὑποβάλλονται μέχρι τῆς 15 Ὀκτωβρίου 1959 καὶ θὰ ἐξετασθοῦν ὑπὸ εἰδικῆς ἐπιτροπῆς.
Τοὺς δικαιούχους νὰ προσέλθωσιν εἰς τὰ γραφεῖα τοῦ Ὀργανισμοῦ μὲ τὰ ἀπαιτούμενα δικαιολογητικὰ ἐντὸς τῆς ταχθείσης προθεσμίας. Αἱ αἰτήσεις ὑποβάλλονται μέχρι τῆς 15 Ὀκτωβρίου 1959 καὶ θὰ ἐξετασθοῦν ὑπὸ εἰδικῆς ἐπιτροπῆς.
Προσκαλοῦνται οἱ διαφερόμενοι ὅπως ὑποβάλωσιν αἰτήσεις διὰ τὴν συμμετοχήν των εἰς τὴν διανομὴν ἐργατικῶν κατοικιῶν εἰς τὰς πόλεις Ἀθηνῶν, Πειραιῶς καὶ Θεσσαλονίκης.
Τοὺς δικαιούχους νὰ προσέλθωσιν εἰς τὰ γραφεῖα τοῦ Ὀργανισμοῦ μὲ τὰ ἀπαιτούμενα δικαιολογητικὰ ἐντὸς τῆς ταχθείσης προθεσμίας. Αἱ αἰτήσεις ὑποβάλλονται μέχρι τῆς 15 Ὀκτωβρίου 1959 καὶ θὰ ἐξετασθοῦν ὑπὸ εἰδικῆς ἐπιτροπῆς.
Ἐν Ἀθήναις τῇ 22 Αὐγούστου 1959
Ο ΠΡΟΕΔΡΟΣ ΤΟΥ Δ.Σ.
ΗΛΙΑΣ ΣΤΑΜΑΤΟΠΟΥΛΟΣ
ΑΝΑΚΟΙΝΩΣΙΣ
ΒΑΦΕΙΩΝ — ΚΑΘΑΡΙΣΤΗΡΙΩΝ «ΦΡΥΝΗ»
ΤΣΙΜΙΣΚΗ 132 — ΑΓ. ΔΗΜΗΤΡΙΟΥ 159
Ἐκτελοῦμεν καθαρισμὸν καὶ βαφὴν πάσης φύσεως ἐνδυμάτων εἰς λογικὰς τιμὰς καὶ μὲ ταχύτητα.
1. — ΚΑΤΑΣΤΗΜΑ ΤΣΙΜΙΣΚΗ 132
Ἐν (1) ἐνδυμασία ἀνδρικὴ ...... δρχ. 25
Ἐν (1) φόρεμα γυναικεῖον ...... δρχ. 20
Ἐν (1) παλτὸ ...... δρχ. 35
2. — ΕΚ ΤΟΥ ΠΡΑΤΗΡΙΟΥ ΑΓΙΟΥ ΔΗΜΗΤΡΙΟΥ 159
Ἐν (1) ἐνδυμασία ἀνδρικὴ ...... δρχ. 22
Ἐν (1) φόρεμα γυναικεῖον ...... δρχ. 18
Μία (1) κουβέρτα ...... δρχ. 15
ΑΡΧΙΜΗΔΗΣ ΑΠΟΣΤΟΛΙΔΗΣ
